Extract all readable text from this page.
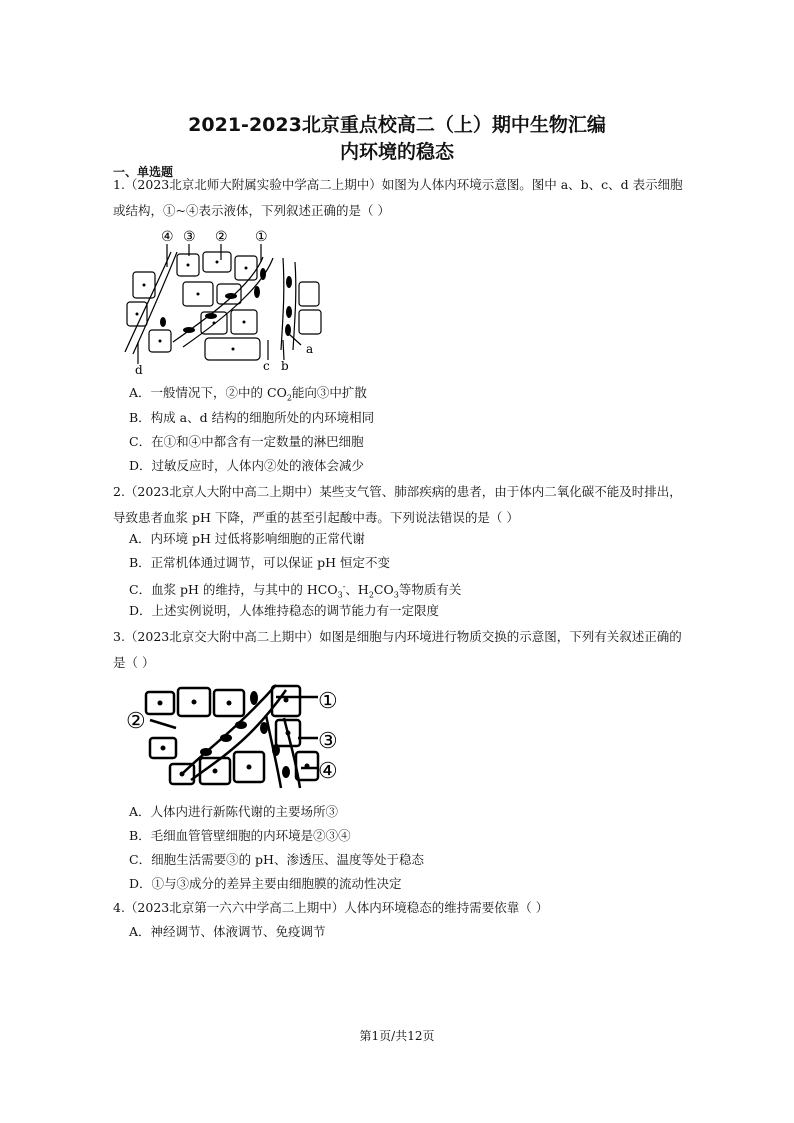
2021-2023北京重点校高二（上）期中生物汇编
内环境的稳态
一、单选题
1.（2023北京北师大附属实验中学高二上期中）如图为人体内环境示意图。图中 a、b、c、d 表示细胞或结构，①~④表示液体，下列叙述正确的是（ ）
④ ③ ② ①
a
b
c
d
A．一般情况下，②中的 $CO_2$能向③中扩散
B．构成 a、d 结构的细胞所处的内环境相同
C．在①和④中都含有一定数量的淋巴细胞
D．过敏反应时，人体内②处的液体会减少
2.（2023北京人大附中高二上期中）某些支气管、肺部疾病的患者，由于体内二氧化碳不能及时排出，导致患者血浆 pH 下降，严重的甚至引起酸中毒。下列说法错误的是（ ）
A．内环境 pH 过低将影响细胞的正常代谢
B．正常机体通过调节，可以保证 pH 恒定不变
C．血浆 pH 的维持，与其中的 $HCO_3^-$、$H_2CO_3$等物质有关
D．上述实例说明，人体维持稳态的调节能力有一定限度
3.（2023北京交大附中高二上期中）如图是细胞与内环境进行物质交换的示意图，下列有关叙述正确的是（ ）
①
②
③
④
A．人体内进行新陈代谢的主要场所③
B．毛细血管管壁细胞的内环境是②③④
C．细胞生活需要③的 pH、渗透压、温度等处于稳态
D．①与③成分的差异主要由细胞膜的流动性决定
4.（2023北京第一六六中学高二上期中）人体内环境稳态的维持需要依靠（ ）
A．神经调节、体液调节、免疫调节
第1页/共12页
